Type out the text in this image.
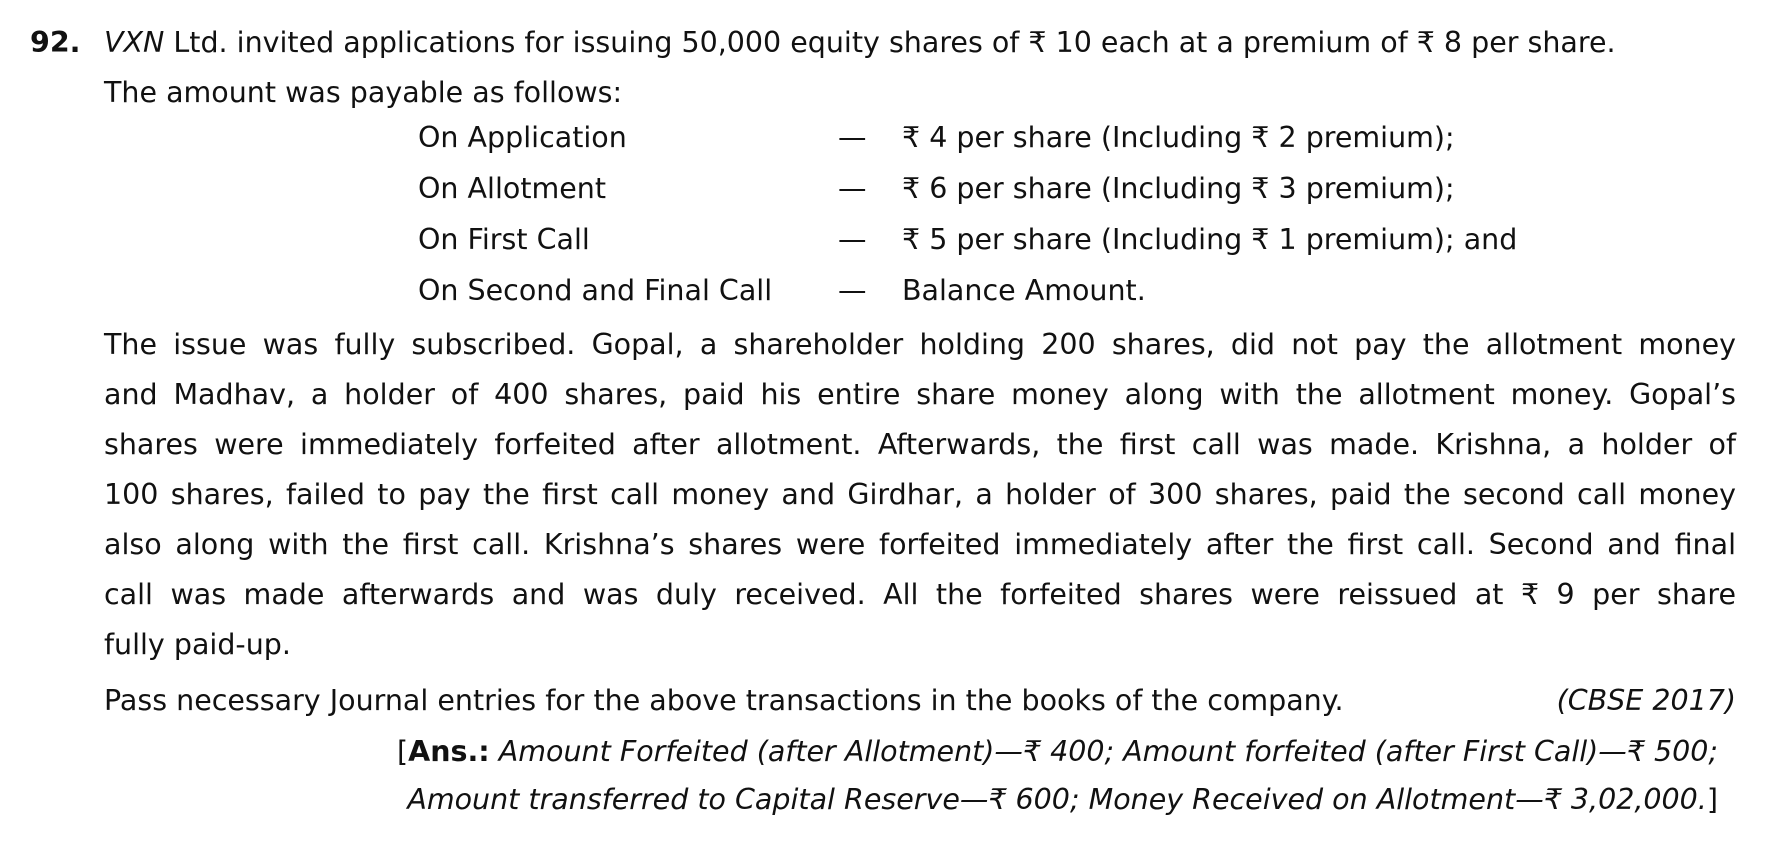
92. VXN Ltd. invited applications for issuing 50,000 equity shares of ₹ 10 each at a premium of ₹ 8 per share.
The amount was payable as follows:
On Application	— ₹ 4 per share (Including ₹ 2 premium);
On Allotment	— ₹ 6 per share (Including ₹ 3 premium);
On First Call	— ₹ 5 per share (Including ₹ 1 premium); and
On Second and Final Call — Balance Amount.
The issue was fully subscribed. Gopal, a shareholder holding 200 shares, did not pay the allotment money
and Madhav, a holder of 400 shares, paid his entire share money along with the allotment money. Gopal’s
shares were immediately forfeited after allotment. Afterwards, the first call was made. Krishna, a holder of
100 shares, failed to pay the first call money and Girdhar, a holder of 300 shares, paid the second call money
also along with the first call. Krishna’s shares were forfeited immediately after the first call. Second and final
call was made afterwards and was duly received. All the forfeited shares were reissued at ₹ 9 per share
fully paid-up.
Pass necessary Journal entries for the above transactions in the books of the company.	(CBSE 2017)
[Ans.: Amount Forfeited (after Allotment)—₹ 400; Amount forfeited (after First Call)—₹ 500;
Amount transferred to Capital Reserve—₹ 600; Money Received on Allotment—₹ 3,02,000.]
